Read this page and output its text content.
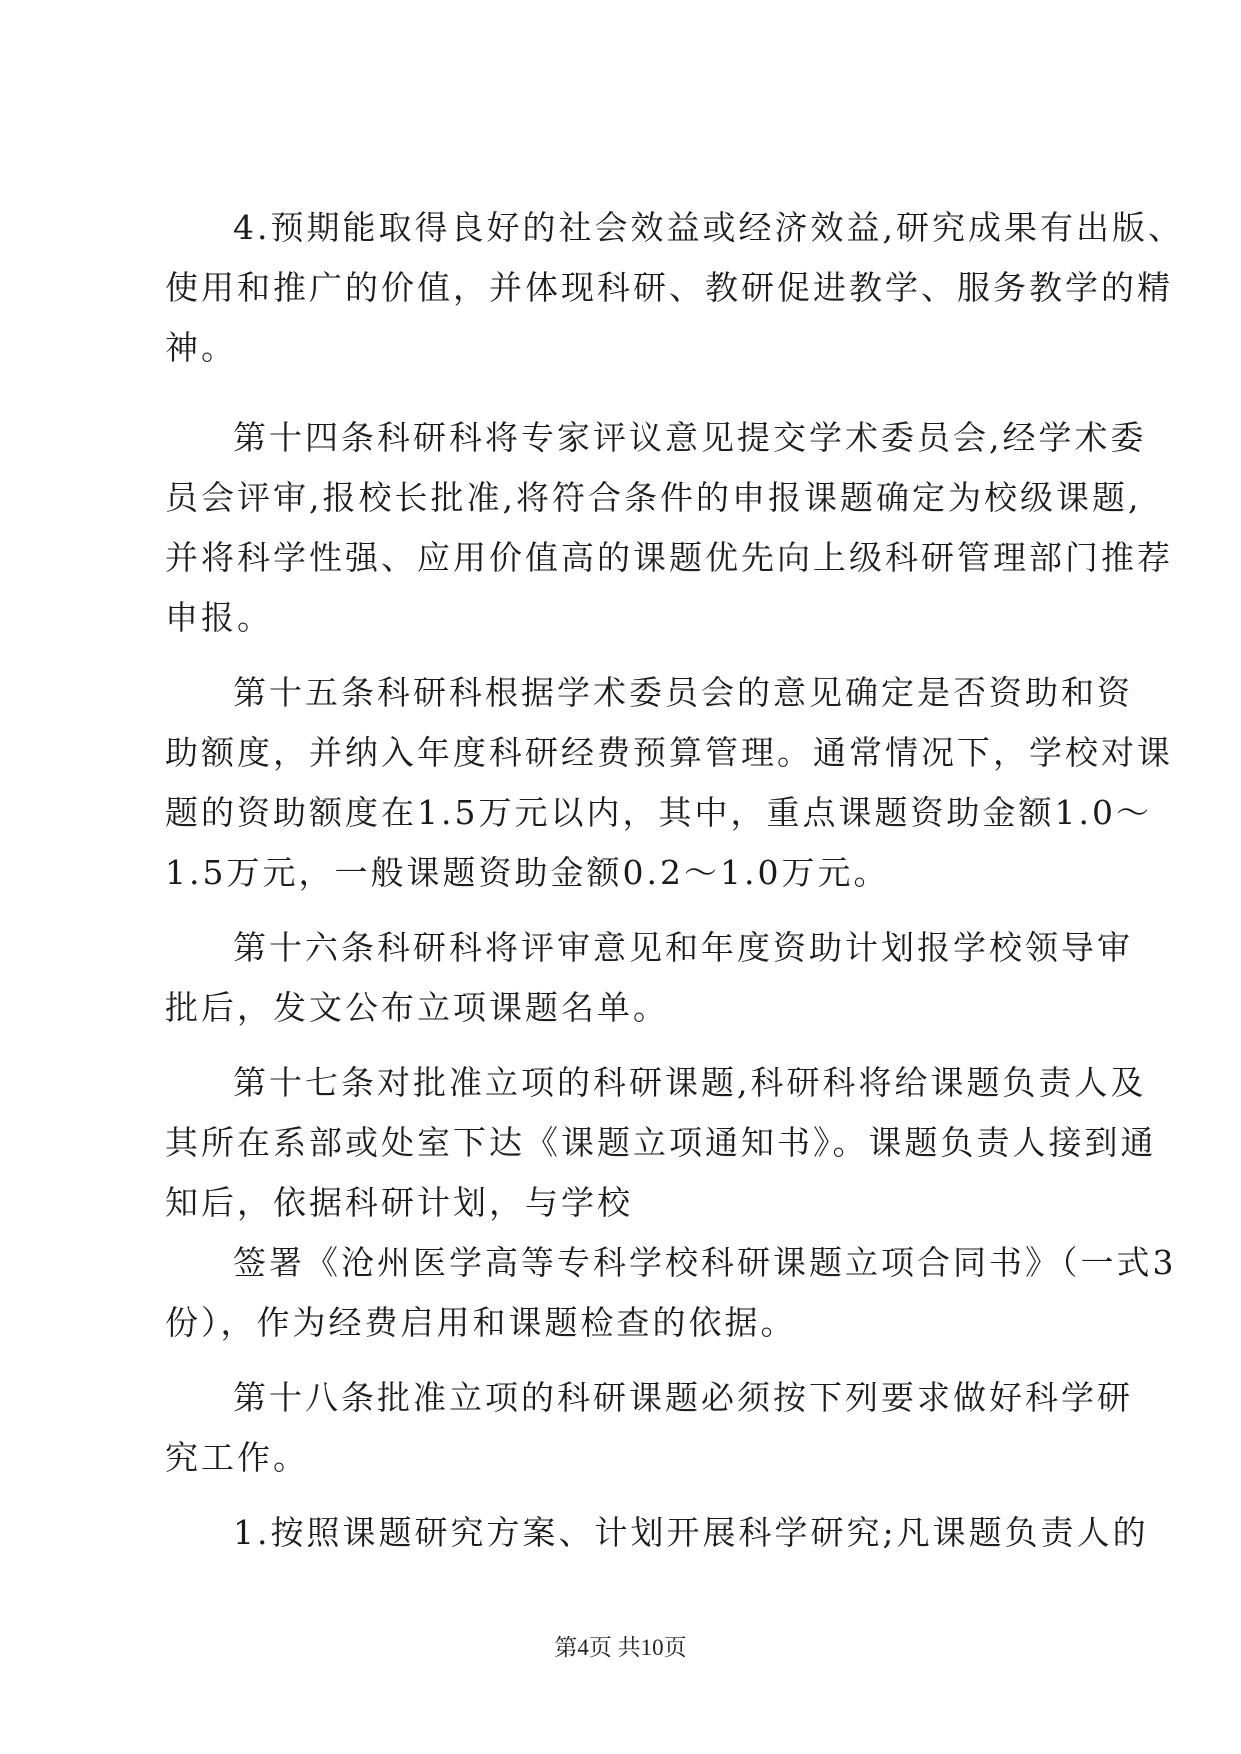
4.预期能取得良好的社会效益或经济效益,研究成果有出版、
使用和推广的价值，并体现科研、教研促进教学、服务教学的精
神。
第十四条科研科将专家评议意见提交学术委员会,经学术委
员会评审,报校长批准,将符合条件的申报课题确定为校级课题,
并将科学性强、应用价值高的课题优先向上级科研管理部门推荐
申报。
第十五条科研科根据学术委员会的意见确定是否资助和资
助额度，并纳入年度科研经费预算管理。通常情况下，学校对课
题的资助额度在1.5万元以内，其中，重点课题资助金额1.0～
1.5万元，一般课题资助金额0.2～1.0万元。
第十六条科研科将评审意见和年度资助计划报学校领导审
批后，发文公布立项课题名单。
第十七条对批准立项的科研课题,科研科将给课题负责人及
其所在系部或处室下达《课题立项通知书》。课题负责人接到通
知后，依据科研计划，与学校
签署《沧州医学高等专科学校科研课题立项合同书》（一式3
份），作为经费启用和课题检查的依据。
第十八条批准立项的科研课题必须按下列要求做好科学研
究工作。
1.按照课题研究方案、计划开展科学研究;凡课题负责人的
第4页 共10页
